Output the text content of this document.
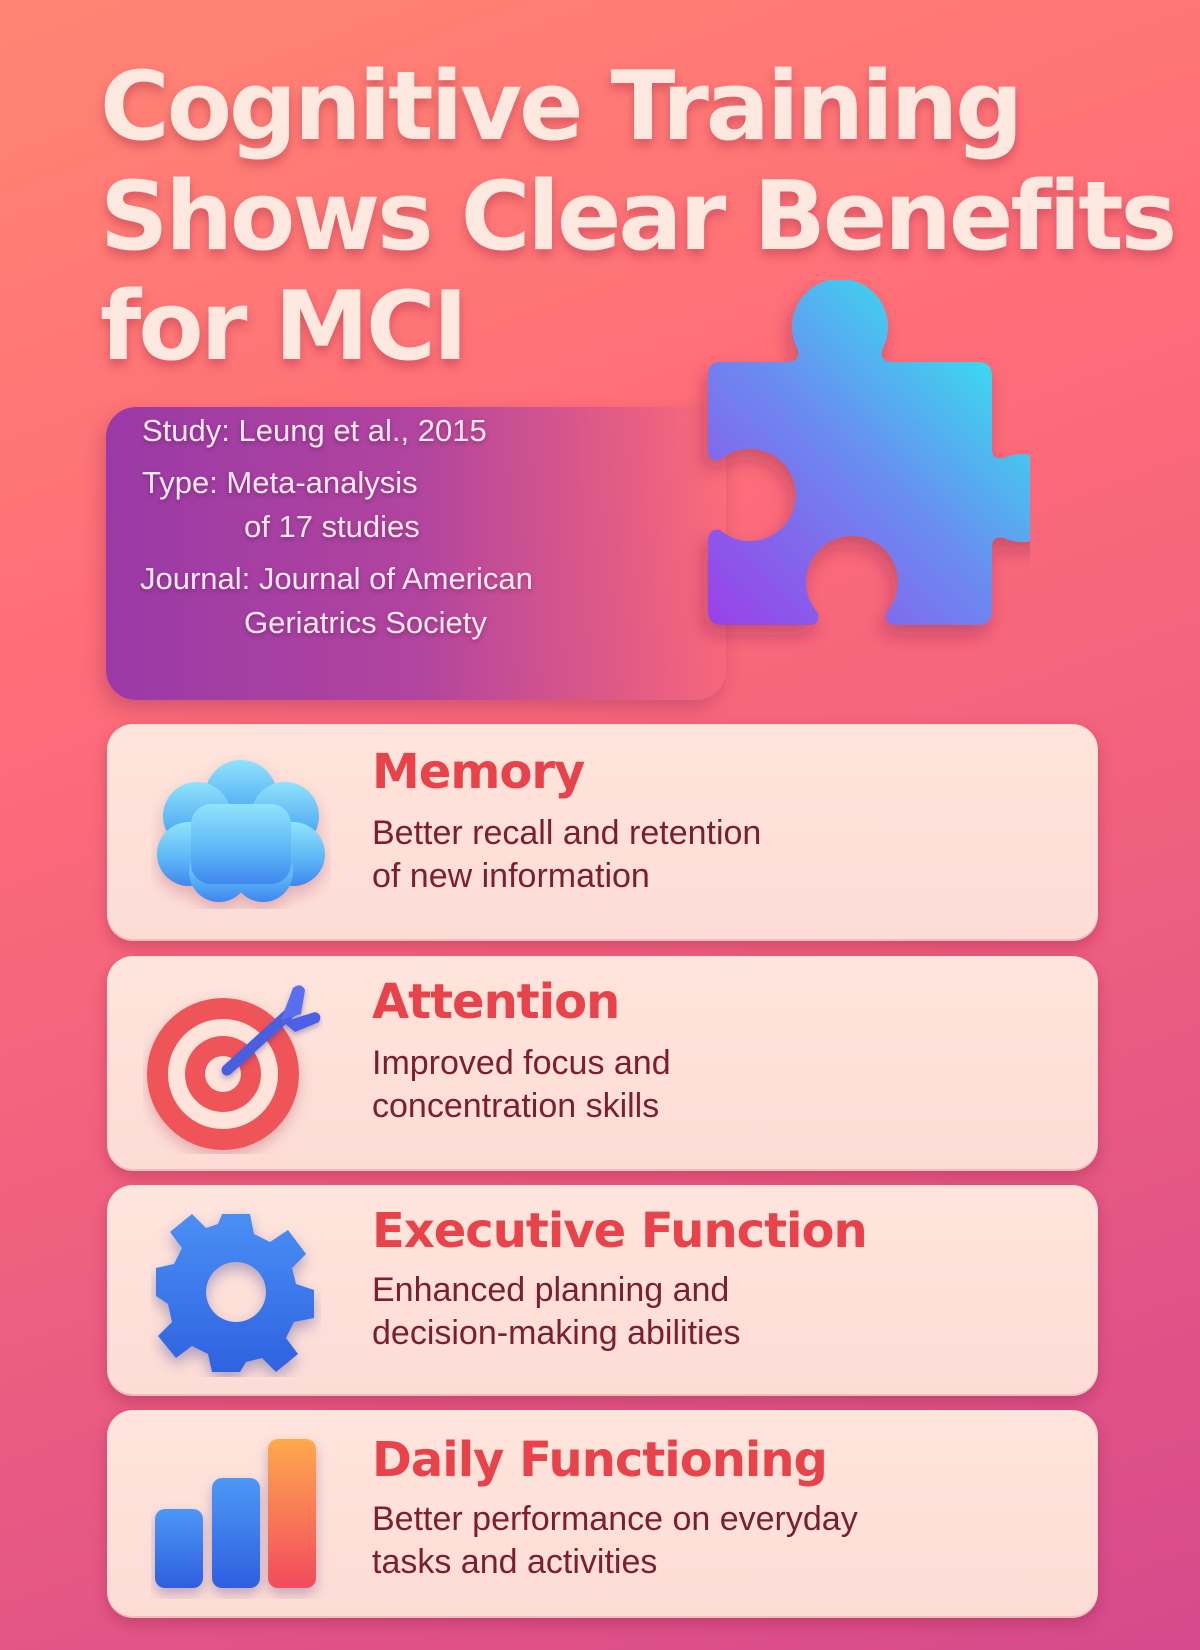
Cognitive Training
Shows Clear Benefits
for MCI
Study: Leung et al., 2015
Type: Meta-analysis
of 17 studies
Journal: Journal of American
Geriatrics Society
Memory

Better recall and retention
of new information

Attention

Improved focus and
concentration skills

Executive Function

Enhanced planning and
decision-making abilities

Daily Functioning

Better performance on everyday
tasks and activities
